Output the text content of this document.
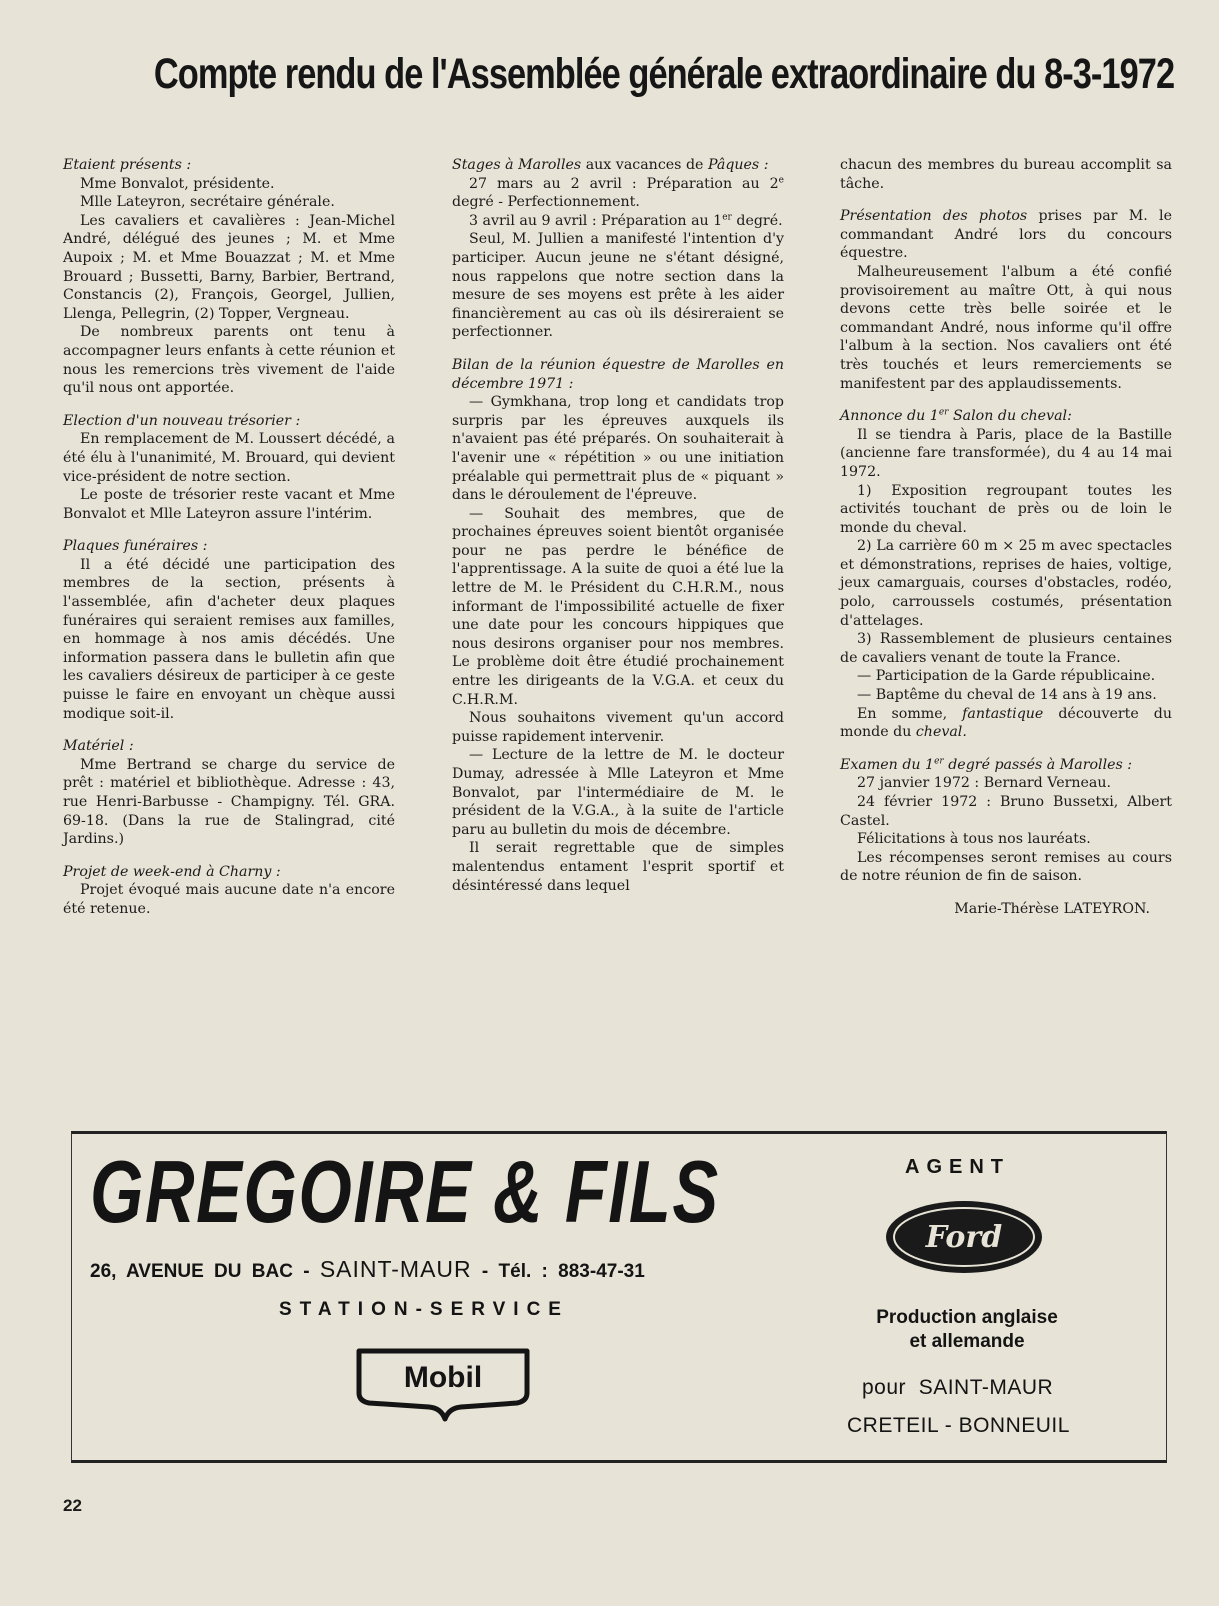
Compte rendu de l'Assemblée générale extraordinaire du 8-3-1972

Etaient présents :

Mme Bonvalot, présidente.

Mlle Lateyron, secrétaire générale.

Les cavaliers et cavalières : Jean-Michel André, délégué des jeunes ; M. et Mme Aupoix ; M. et Mme Bouazzat ; M. et Mme Brouard ; Bussetti, Barny, Barbier, Bertrand, Constancis (2), François, Georgel, Jullien, Llenga, Pellegrin, (2) Topper, Vergneau.

De nombreux parents ont tenu à accompagner leurs enfants à cette réunion et nous les remercions très vivement de l'aide qu'il nous ont apportée.

Election d'un nouveau trésorier :

En remplacement de M. Loussert décédé, a été élu à l'unanimité, M. Brouard, qui devient vice-président de notre section.

Le poste de trésorier reste vacant et Mme Bonvalot et Mlle Lateyron assure l'intérim.

Plaques funéraires :

Il a été décidé une participation des membres de la section, présents à l'assemblée, afin d'acheter deux plaques funéraires qui seraient remises aux familles, en hommage à nos amis décédés. Une information passera dans le bulletin afin que les cavaliers désireux de participer à ce geste puisse le faire en envoyant un chèque aussi modique soit-il.

Matériel :

Mme Bertrand se charge du service de prêt : matériel et bibliothèque. Adresse : 43, rue Henri-Barbusse - Champigny. Tél. GRA. 69-18. (Dans la rue de Stalingrad, cité Jardins.)

Projet de week-end à Charny :

Projet évoqué mais aucune date n'a encore été retenue.

Stages à Marolles aux vacances de Pâques :

27 mars au 2 avril : Préparation au 2e degré - Perfectionnement.

3 avril au 9 avril : Préparation au 1er degré.

Seul, M. Jullien a manifesté l'intention d'y participer. Aucun jeune ne s'étant désigné, nous rappelons que notre section dans la mesure de ses moyens est prête à les aider financièrement au cas où ils désireraient se perfectionner.

Bilan de la réunion équestre de Marolles en décembre 1971 :

— Gymkhana, trop long et candidats trop surpris par les épreuves auxquels ils n'avaient pas été préparés. On souhaiterait à l'avenir une « répétition » ou une initiation préalable qui permettrait plus de « piquant » dans le déroulement de l'épreuve.

— Souhait des membres, que de prochaines épreuves soient bientôt organisée pour ne pas perdre le bénéfice de l'apprentissage. A la suite de quoi a été lue la lettre de M. le Président du C.H.R.M., nous informant de l'impossibilité actuelle de fixer une date pour les concours hippiques que nous desirons organiser pour nos membres. Le problème doit être étudié prochainement entre les dirigeants de la V.G.A. et ceux du C.H.R.M.

Nous souhaitons vivement qu'un accord puisse rapidement intervenir.

— Lecture de la lettre de M. le docteur Dumay, adressée à Mlle Lateyron et Mme Bonvalot, par l'intermédiaire de M. le président de la V.G.A., à la suite de l'article paru au bulletin du mois de décembre.

Il serait regrettable que de simples malentendus entament l'esprit sportif et désintéressé dans lequel

chacun des membres du bureau accomplit sa tâche.

Présentation des photos prises par M. le commandant André lors du concours équestre.

Malheureusement l'album a été confié provisoirement au maître Ott, à qui nous devons cette très belle soirée et le commandant André, nous informe qu'il offre l'album à la section. Nos cavaliers ont été très touchés et leurs remerciements se manifestent par des applaudissements.

Annonce du 1er Salon du cheval:

Il se tiendra à Paris, place de la Bastille (ancienne fare transformée), du 4 au 14 mai 1972.

1) Exposition regroupant toutes les activités touchant de près ou de loin le monde du cheval.

2) La carrière 60 m × 25 m avec spectacles et démonstrations, reprises de haies, voltige, jeux camarguais, courses d'obstacles, rodéo, polo, carroussels costumés, présentation d'attelages.

3) Rassemblement de plusieurs centaines de cavaliers venant de toute la France.

— Participation de la Garde républicaine.

— Baptême du cheval de 14 ans à 19 ans.

En somme, fantastique découverte du monde du cheval.

Examen du 1er degré passés à Marolles :

27 janvier 1972 : Bernard Verneau.

24 février 1972 : Bruno Bussetxi, Albert Castel.

Félicitations à tous nos lauréats.

Les récompenses seront remises au cours de notre réunion de fin de saison.

Marie-Thérèse LATEYRON.

GREGOIRE & FILS
26, AVENUE DU BAC - SAINT-MAUR - Tél. : 883-47-31
STATION-SERVICE
Mobil
AGENT
Ford
Production anglaise
et allemande
pour SAINT-MAUR
CRETEIL - BONNEUIL
22
